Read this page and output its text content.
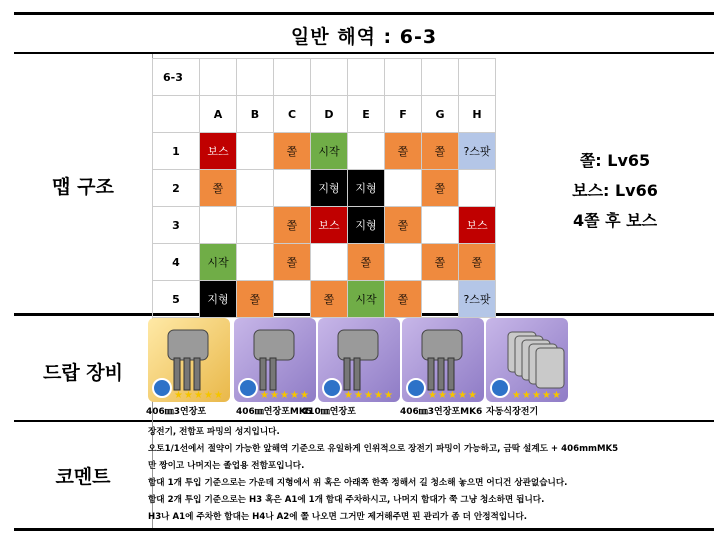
일반 해역 : 6-3
맵 구조
드랍 장비
코멘트
6-3								
	A	B	C	D	E	F	G	H
1	보스		쫄	시작		쫄	쫄	?스팟
2	쫄			지형	지형		쫄	
3			쫄	보스	지형	쫄		보스
4	시작		쫄		쫄		쫄	쫄
5	지형	쫄		쫄	시작	쫄		?스팟
쫄: Lv65
보스: Lv66
4쫄 후 보스
★ ★ ★ ★ ★
406㎜3연장포
★ ★ ★ ★ ★
406㎜연장포MK5
★ ★ ★ ★ ★
410㎜연장포
★ ★ ★ ★ ★
406㎜3연장포MK6
★ ★ ★ ★ ★
자동식장전기

장전기, 전함포 파밍의 성지입니다.

오토1/1선에서 절약이 가능한 앞해역 기준으로 유일하게 인위적으로 장전기 파밍이 가능하고, 금딱 설계도 + 406mmMK5

만 짱이고 나머지는 졸업용 전함포입니다.

함대 1개 투입 기준으로는 가운데 지형에서 위 혹은 아래쪽 한쪽 정해서 길 청소해 놓으면 어디건 상관없습니다.

함대 2개 투입 기준으로는 H3 혹은 A1에 1개 함대 주차하시고, 나머지 함대가 쭉 그냥 청소하면 됩니다.

H3나 A1에 주차한 함대는 H4나 A2에 쫄 나오면 그거만 제거해주면 핀 관리가 좀 더 안정적입니다.
